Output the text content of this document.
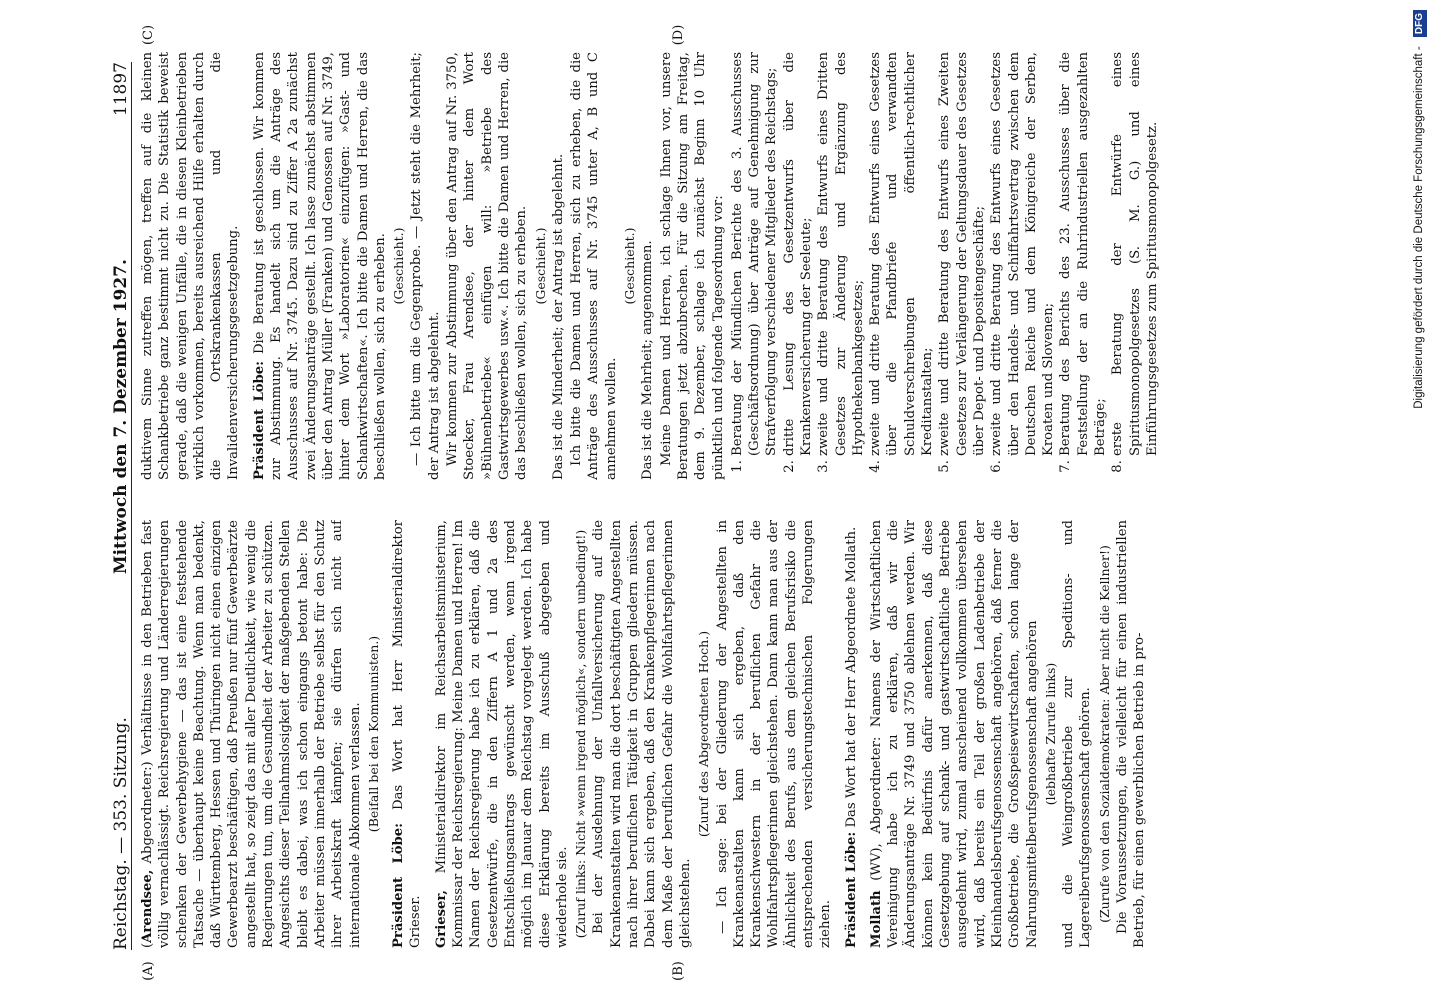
Reichstag. — 353. Sitzung.
Mittwoch den 7. Dezember 1927.
11897
(A)	(B)
(C)	(D)

(Arendsee, Abgeordneter:) Verhältnisse in den Betrieben fast völlig vernachlässigt. Reichsregierung und Länderregierungen schenken der Gewerbehygiene — das ist eine feststehende Tatsache — überhaupt keine Beachtung. Wenn man bedenkt, daß Württemberg, Hessen und Thüringen nicht einen einzigen Gewerbearzt beschäftigen, daß Preußen nur fünf Gewerbeärzte angestellt hat, so zeigt das mit aller Deutlichkeit, wie wenig die Regierungen tun, um die Gesundheit der Arbeiter zu schützen. Angesichts dieser Teilnahmslosigkeit der maßgebenden Stellen bleibt es dabei, was ich schon eingangs betont habe: Die Arbeiter müssen innerhalb der Betriebe selbst für den Schutz ihrer Arbeitskraft kämpfen; sie dürfen sich nicht auf internationale Abkommen verlassen. (Beifall bei den Kommunisten.)

Präsident Löbe: Das Wort hat Herr Ministerialdirektor Grieser. Grieser, Ministerialdirektor im Reichsarbeitsministerium, Kommissar der Reichsregierung: Meine Damen und Herren! Im Namen der Reichsregierung habe ich zu erklären, daß die Gesetzentwürfe, die in den Ziffern A 1 und 2a des Entschließungsantrags gewünscht werden, wenn irgend möglich im Januar dem Reichstag vorgelegt werden. Ich habe diese Erklärung bereits im Ausschuß abgegeben und wiederhole sie. (Zuruf links: Nicht »wenn irgend möglich«, sondern unbedingt!) Bei der Ausdehnung der Unfallversicherung auf die Krankenanstalten wird man die dort beschäftigten Angestellten nach ihrer beruflichen Tätigkeit in Gruppen gliedern müssen. Dabei kann sich ergeben, daß den Krankenpflegerinnen nach dem Maße der beruflichen Gefahr die Wohlfahrtspflegerinnen gleichstehen.

(Zuruf des Abgeordneten Hoch.) — Ich sage: bei der Gliederung der Angestellten in Krankenanstalten kann sich ergeben, daß den Krankenschwestern in der beruflichen Gefahr die Wohlfahrtspflegerinnen gleichstehen. Dann kann man aus der Ähnlichkeit des Berufs, aus dem gleichen Berufsrisiko die entsprechenden versicherungstechnischen Folgerungen ziehen. Präsident Löbe: Das Wort hat der Herr Abgeordnete Mollath.

Mollath (WV), Abgeordneter: Namens der Wirtschaftlichen Vereinigung habe ich zu erklären, daß wir die Änderungsanträge Nr. 3749 und 3750 ablehnen werden. Wir können kein Bedürfnis dafür anerkennen, daß diese Gesetzgebung auf schank- und gastwirtschaftliche Betriebe ausgedehnt wird, zumal anscheinend vollkommen übersehen wird, daß bereits ein Teil der großen Ladenbetriebe der Kleinhandelsberufsgenossenschaft angehören, daß ferner die Großbetriebe, die Großspeisewirtschaften, schon lange der Nahrungsmittelberufsgenossenschaft angehören (lebhafte Zurufe links) und die Weingroßbetriebe zur Speditions- und Lagereiberufsgenossenschaft gehören. (Zurufe von den Sozialdemokraten: Aber nicht die Kellner!) Die Voraussetzungen, die vielleicht für einen industriellen Betrieb, für einen gewerblichen Betrieb in pro-

duktivem Sinne zutreffen mögen, treffen auf die kleinen Schankbetriebe ganz bestimmt nicht zu. Die Statistik beweist gerade, daß die wenigen Unfälle, die in diesen Kleinbetrieben wirklich vorkommen, bereits ausreichend Hilfe erhalten durch die Ortskrankenkassen und die Invalidenversicherungsgesetzgebung. Präsident Löbe: Die Beratung ist geschlossen. Wir kommen zur Abstimmung. Es handelt sich um die Anträge des Ausschusses auf Nr. 3745. Dazu sind zu Ziffer A 2a zunächst zwei Änderungsanträge gestellt. Ich lasse zunächst abstimmen über den Antrag Müller (Franken) und Genossen auf Nr. 3749, hinter dem Wort »Laboratorien« einzufügen: »Gast- und Schankwirtschaften«. Ich bitte die Damen und Herren, die das beschließen wollen, sich zu erheben. (Geschieht.) — Ich bitte um die Gegenprobe. — Jetzt steht die Mehrheit; der Antrag ist abgelehnt. Wir kommen zur Abstimmung über den Antrag auf Nr. 3750, Stoecker, Frau Arendsee, der hinter dem Wort »Bühnenbetriebe« einfügen will: »Betriebe des Gastwirtsgewerbes usw.«. Ich bitte die Damen und Herren, die das beschließen wollen, sich zu erheben. (Geschieht.) Das ist die Minderheit; der Antrag ist abgelehnt. Ich bitte die Damen und Herren, sich zu erheben, die die Anträge des Ausschusses auf Nr. 3745 unter A, B und C annehmen wollen.

(Geschieht.) Das ist die Mehrheit; angenommen. Meine Damen und Herren, ich schlage Ihnen vor, unsere Beratungen jetzt abzubrechen. Für die Sitzung am Freitag, dem 9. Dezember, schlage ich zunächst Beginn 10 Uhr pünktlich und folgende Tagesordnung vor: 1. Beratung der Mündlichen Berichte des 3. Ausschusses (Geschäftsordnung) über Anträge auf Genehmigung zur Strafverfolgung verschiedener Mitglieder des Reichstags; 2. dritte Lesung des Gesetzentwurfs über die Krankenversicherung der Seeleute; 3. zweite und dritte Beratung des Entwurfs eines Dritten Gesetzes zur Änderung und Ergänzung des Hypothekenbankgesetzes; 4. zweite und dritte Beratung des Entwurfs eines Gesetzes über die Pfandbriefe und verwandten Schuldverschreibungen öffentlich-rechtlicher Kreditanstalten; 5. zweite und dritte Beratung des Entwurfs eines Zweiten Gesetzes zur Verlängerung der Geltungsdauer des Gesetzes über Depot- und Depositengeschäfte; 6. zweite und dritte Beratung des Entwurfs eines Gesetzes über den Handels- und Schiffahrtsvertrag zwischen dem Deutschen Reiche und dem Königreiche der Serben, Kroaten und Slovenen; 7. Beratung des Berichts des 23. Ausschusses über die Feststellung der an die Ruhrindustriellen ausgezahlten Beträge; 8. erste Beratung der Entwürfe eines Spiritusmonopolgesetzes (S. M. G.) und eines Einführungsgesetzes zum Spiritusmonopolgesetz.	Digitalisierung gefördert durch die Deutsche Forschungsgemeinschaft - DFG
